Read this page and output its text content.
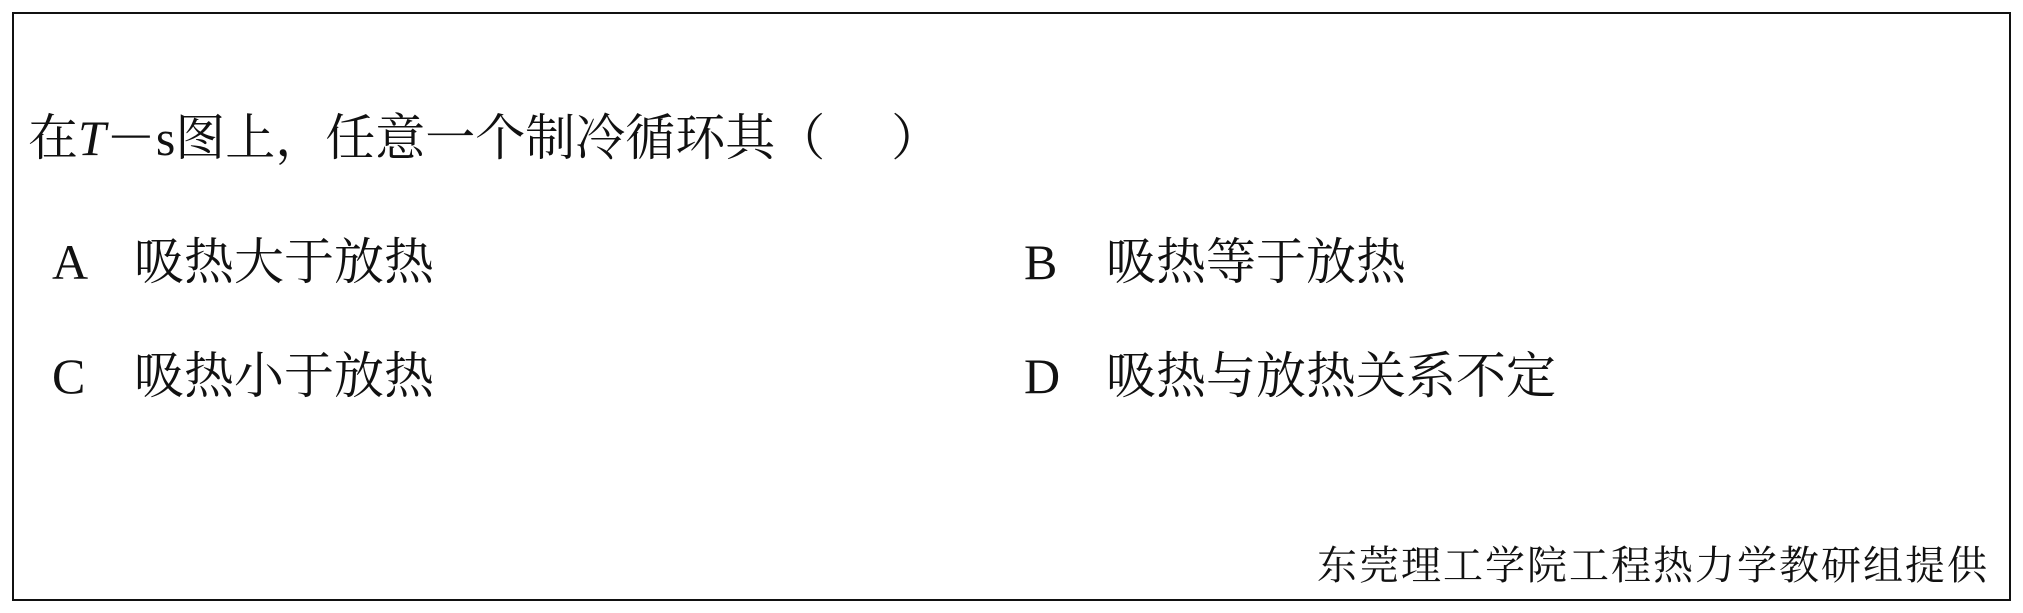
在T－s图上，任意一个制冷循环其（　 ）
A 吸热大于放热	B 吸热等于放热
C 吸热小于放热	D 吸热与放热关系不定
东莞理工学院工程热力学教研组提供
